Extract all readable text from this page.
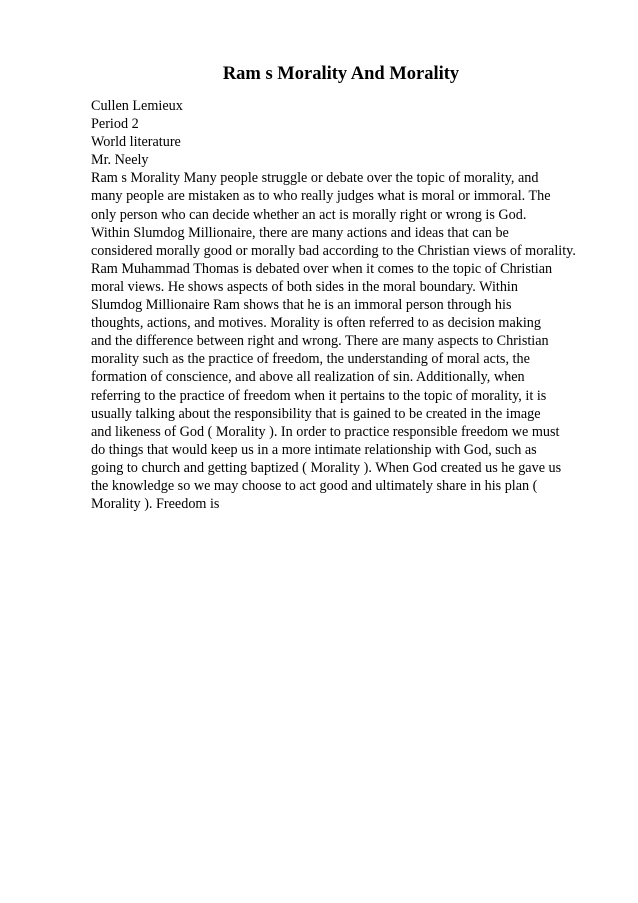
Ram s Morality And Morality
Cullen Lemieux
Period 2
World literature
Mr. Neely
Ram s Morality Many people struggle or debate over the topic of morality, and
many people are mistaken as to who really judges what is moral or immoral. The
only person who can decide whether an act is morally right or wrong is God.
Within Slumdog Millionaire, there are many actions and ideas that can be
considered morally good or morally bad according to the Christian views of morality.
Ram Muhammad Thomas is debated over when it comes to the topic of Christian
moral views. He shows aspects of both sides in the moral boundary. Within
Slumdog Millionaire Ram shows that he is an immoral person through his
thoughts, actions, and motives. Morality is often referred to as decision making
and the difference between right and wrong. There are many aspects to Christian
morality such as the practice of freedom, the understanding of moral acts, the
formation of conscience, and above all realization of sin. Additionally, when
referring to the practice of freedom when it pertains to the topic of morality, it is
usually talking about the responsibility that is gained to be created in the image
and likeness of God ( Morality ). In order to practice responsible freedom we must
do things that would keep us in a more intimate relationship with God, such as
going to church and getting baptized ( Morality ). When God created us he gave us
the knowledge so we may choose to act good and ultimately share in his plan (
Morality ). Freedom is
